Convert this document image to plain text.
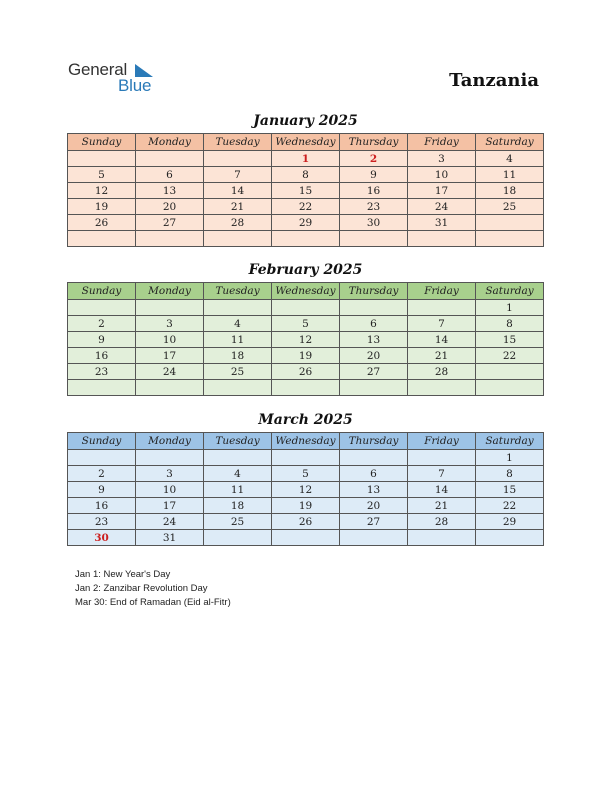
General
Blue	Tanzania
January 2025
Sunday	Monday	Tuesday	Wednesday	Thursday	Friday	Saturday
			1	2	3	4
5	6	7	8	9	10	11
12	13	14	15	16	17	18
19	20	21	22	23	24	25
26	27	28	29	30	31	

February 2025
Sunday	Monday	Tuesday	Wednesday	Thursday	Friday	Saturday
						1
2	3	4	5	6	7	8
9	10	11	12	13	14	15
16	17	18	19	20	21	22
23	24	25	26	27	28	

March 2025
Sunday	Monday	Tuesday	Wednesday	Thursday	Friday	Saturday
						1
2	3	4	5	6	7	8
9	10	11	12	13	14	15
16	17	18	19	20	21	22
23	24	25	26	27	28	29
30	31					
Jan 1: New Year's Day
Jan 2: Zanzibar Revolution Day
Mar 30: End of Ramadan (Eid al-Fitr)
